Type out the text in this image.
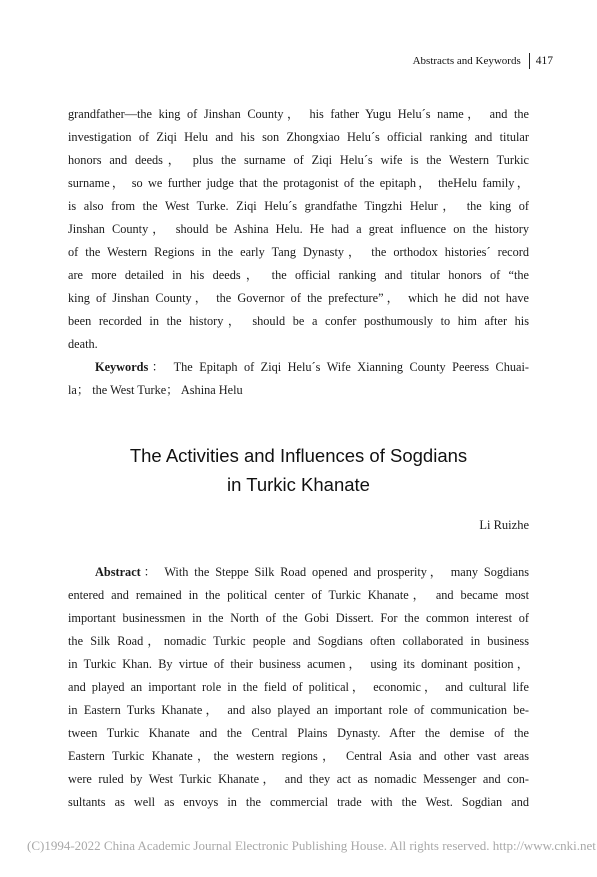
Abstracts and Keywords 417
grandfather—the king of Jinshan County， his father Yugu Helu´s name， and the
investigation of Ziqi Helu and his son Zhongxiao Helu´s official ranking and titular
honors and deeds， plus the surname of Ziqi Helu´s wife is the Western Turkic
surname， so we further judge that the protagonist of the epitaph， theHelu family，
is also from the West Turke. Ziqi Helu´s grandfathe Tingzhi Helur， the king of
Jinshan County， should be Ashina Helu. He had a great influence on the history
of the Western Regions in the early Tang Dynasty， the orthodox histories´ record
are more detailed in his deeds， the official ranking and titular honors of “the
king of Jinshan County， the Governor of the prefecture”， which he did not have
been recorded in the history， should be a confer posthumously to him after his
death.
Keywords： The Epitaph of Ziqi Helu´s Wife Xianning County Peeress Chuai-
la； the West Turke； Ashina Helu
The Activities and Influences of Sogdians
in Turkic Khanate
Li Ruizhe
Abstract： With the Steppe Silk Road opened and prosperity， many Sogdians
entered and remained in the political center of Turkic Khanate， and became most
important businessmen in the North of the Gobi Dissert. For the common interest of
the Silk Road，nomadic Turkic people and Sogdians often collaborated in business
in Turkic Khan. By virtue of their business acumen， using its dominant position，
and played an important role in the field of political， economic， and cultural life
in Eastern Turks Khanate， and also played an important role of communication be-
tween Turkic Khanate and the Central Plains Dynasty. After the demise of the
Eastern Turkic Khanate，the western regions， Central Asia and other vast areas
were ruled by West Turkic Khanate， and they act as nomadic Messenger and con-
sultants as well as envoys in the commercial trade with the West. Sogdian and
(C)1994-2022 China Academic Journal Electronic Publishing House. All rights reserved. http://www.cnki.net
